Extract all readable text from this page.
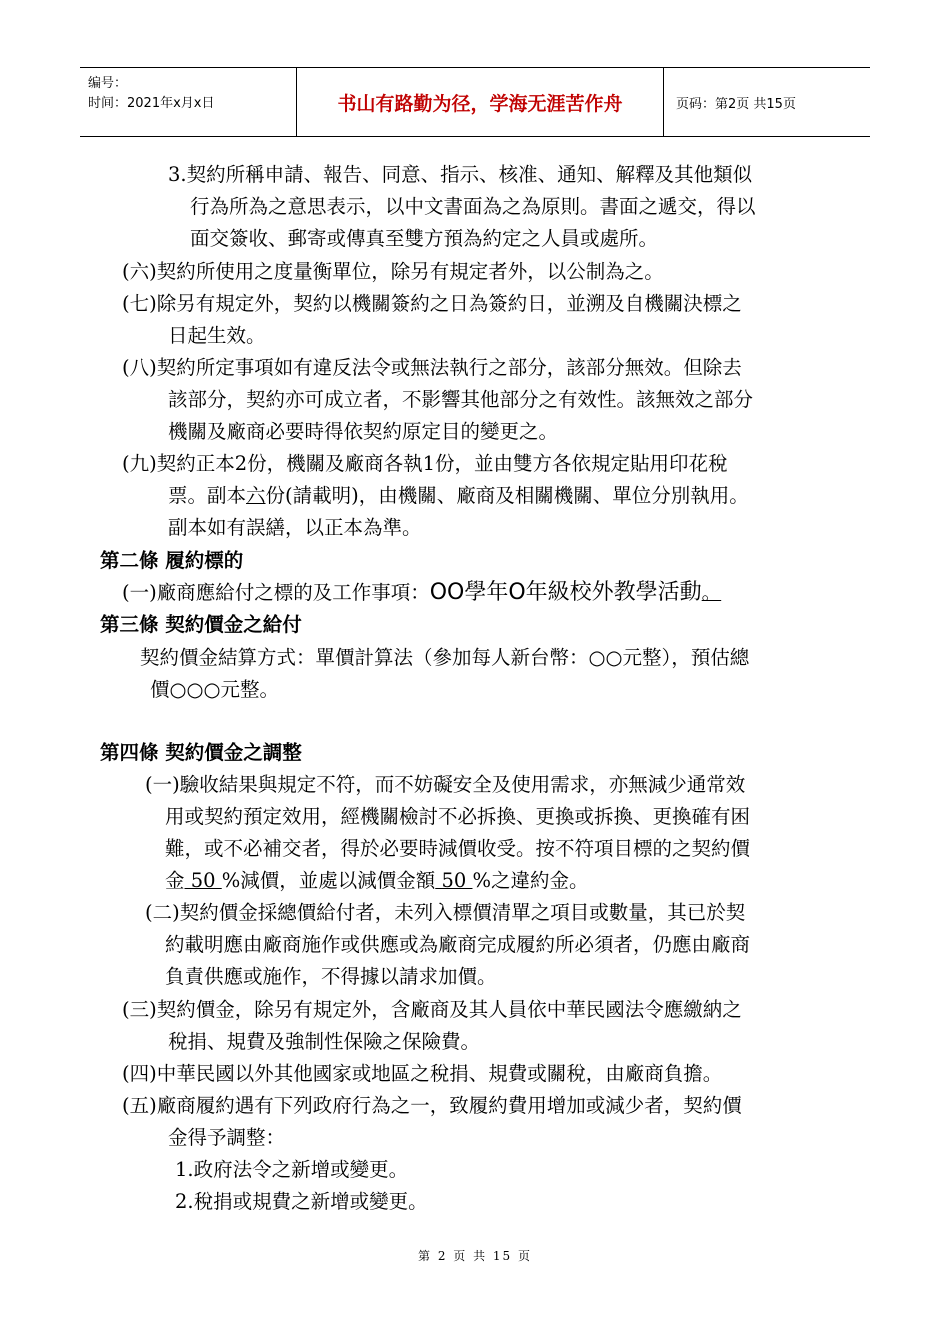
编号：
时间：2021年x月x日	书山有路勤为径，学海无涯苦作舟	页码：第2页 共15页
3.契約所稱申請、報告、同意、指示、核准、通知、解釋及其他類似
行為所為之意思表示，以中文書面為之為原則。書面之遞交，得以
面交簽收、郵寄或傳真至雙方預為約定之人員或處所。
(六)契約所使用之度量衡單位，除另有規定者外，以公制為之。
(七)除另有規定外，契約以機關簽約之日為簽約日，並溯及自機關決標之
日起生效。
(八)契約所定事項如有違反法令或無法執行之部分，該部分無效。但除去
該部分，契約亦可成立者，不影響其他部分之有效性。該無效之部分
機關及廠商必要時得依契約原定目的變更之。
(九)契約正本2份，機關及廠商各執1份，並由雙方各依規定貼用印花稅
票。副本六份(請載明)，由機關、廠商及相關機關、單位分別執用。
副本如有誤繕，以正本為準。
第二條 履約標的
(一)廠商應給付之標的及工作事項：OO學年O年級校外教學活動。
第三條 契約價金之給付
契約價金結算方式：單價計算法（參加每人新台幣：○○元整），預估總
價○○○元整。
第四條 契約價金之調整
(一)驗收結果與規定不符，而不妨礙安全及使用需求，亦無減少通常效
用或契約預定效用，經機關檢討不必拆換、更換或拆換、更換確有困
難，或不必補交者，得於必要時減價收受。按不符項目標的之契約價
金 50 %減價，並處以減價金額 50 %之違約金。
(二)契約價金採總價給付者，未列入標價清單之項目或數量，其已於契
約載明應由廠商施作或供應或為廠商完成履約所必須者，仍應由廠商
負責供應或施作，不得據以請求加價。
(三)契約價金，除另有規定外，含廠商及其人員依中華民國法令應繳納之
稅捐、規費及強制性保險之保險費。
(四)中華民國以外其他國家或地區之稅捐、規費或關稅，由廠商負擔。
(五)廠商履約遇有下列政府行為之一，致履約費用增加或減少者，契約價
金得予調整：
1.政府法令之新增或變更。
2.稅捐或規費之新增或變更。
第 2 页 共 15 页
